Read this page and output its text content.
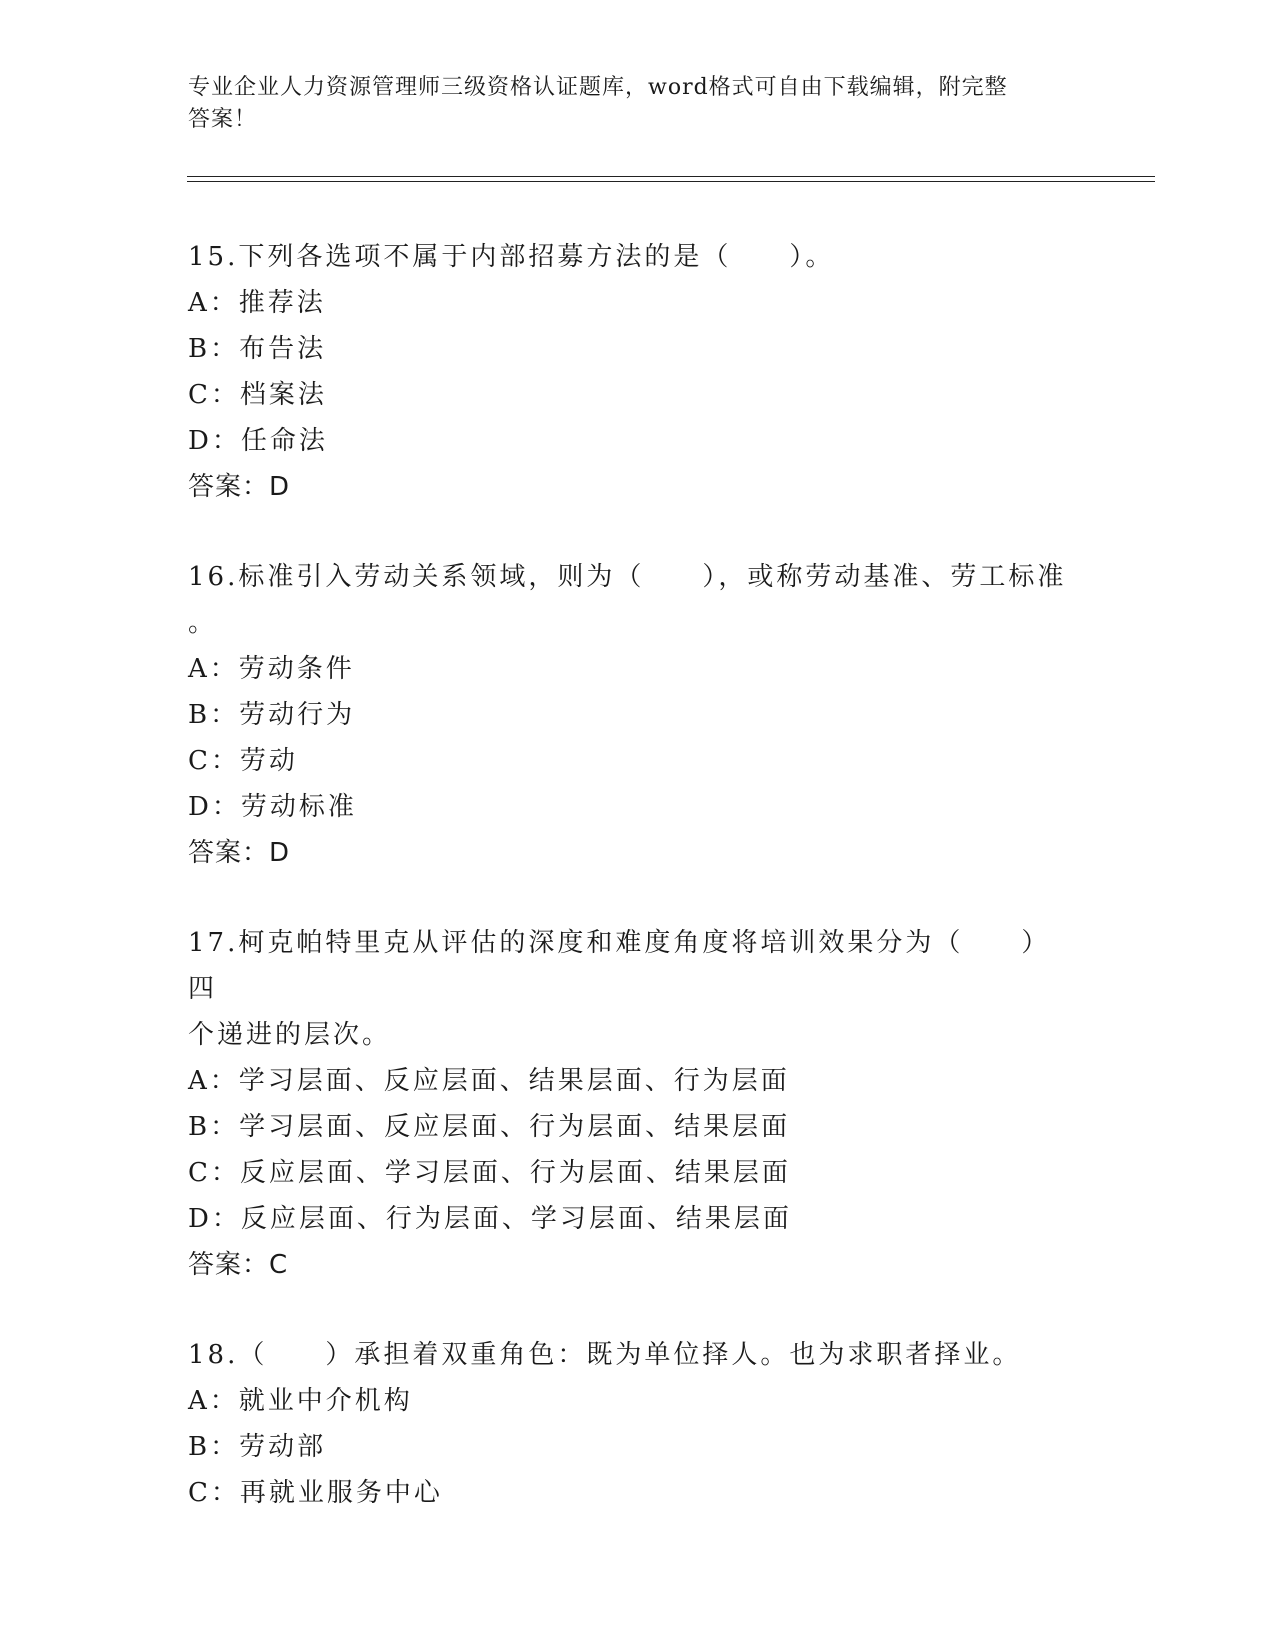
专业企业人力资源管理师三级资格认证题库，word格式可自由下载编辑，附完整
答案！
15.下列各选项不属于内部招募方法的是（　　）。
A：推荐法
B：布告法
C：档案法
D：任命法
答案：D
16.标准引入劳动关系领域，则为（　　），或称劳动基准、劳工标准
。
A：劳动条件
B：劳动行为
C：劳动
D：劳动标准
答案：D
17.柯克帕特里克从评估的深度和难度角度将培训效果分为（　　）四
个递进的层次。
A：学习层面、反应层面、结果层面、行为层面
B：学习层面、反应层面、行为层面、结果层面
C：反应层面、学习层面、行为层面、结果层面
D：反应层面、行为层面、学习层面、结果层面
答案：C
18.（　　）承担着双重角色：既为单位择人。也为求职者择业。
A：就业中介机构
B：劳动部
C：再就业服务中心
